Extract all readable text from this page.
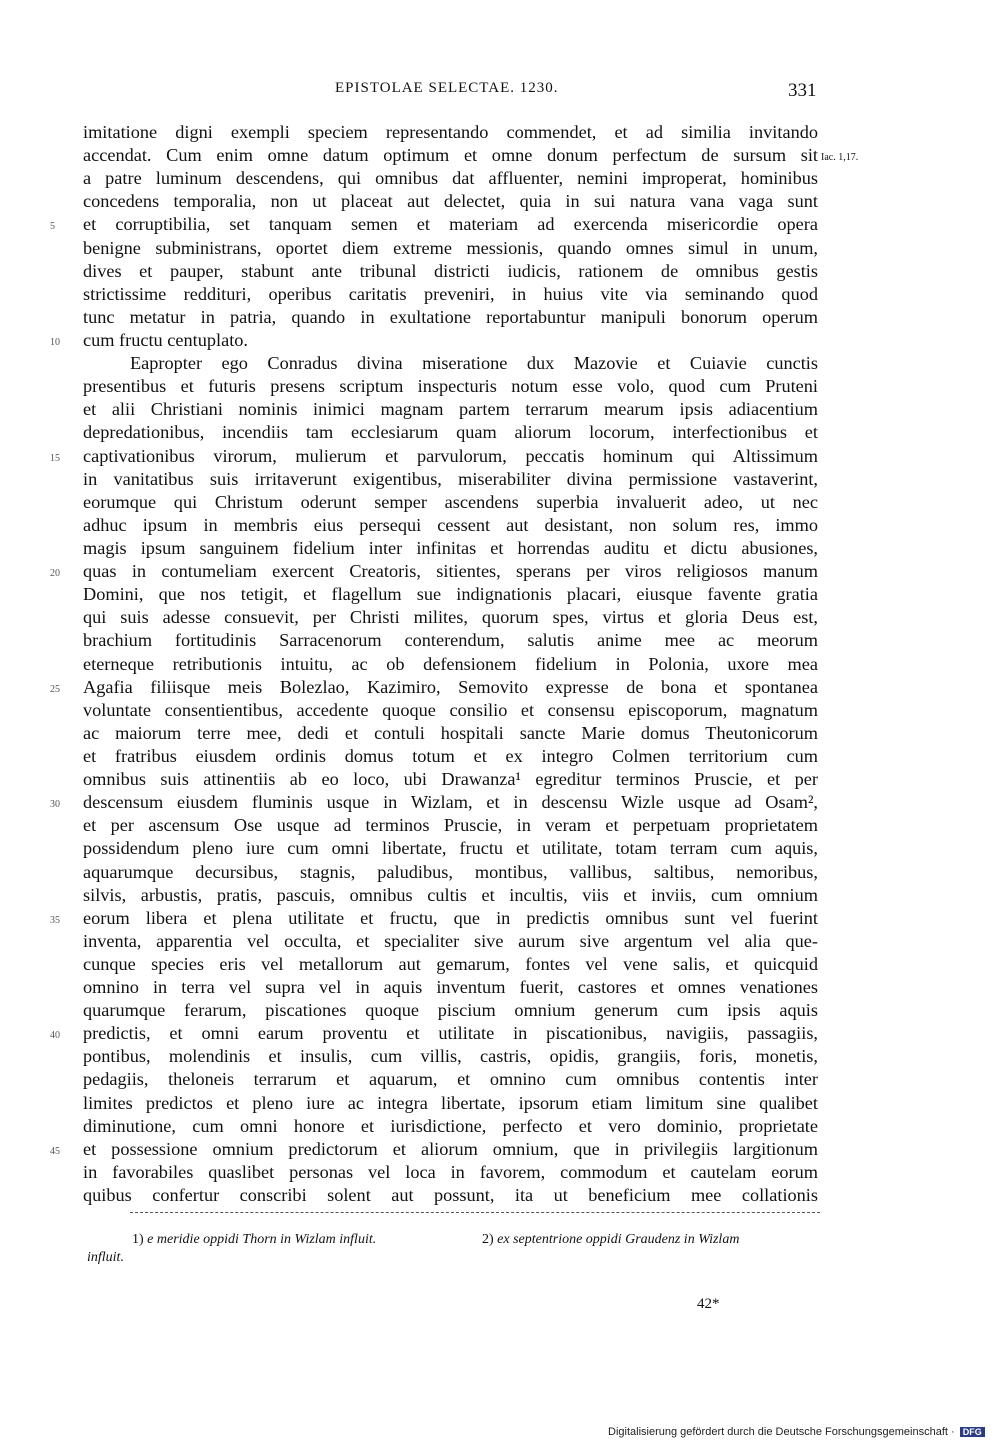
EPISTOLAE SELECTAE. 1230.	331
imitatione digni exempli speciem representando commendet, et ad similia invitando
accendat. Cum enim omne datum optimum et omne donum perfectum de sursum sit Iac. 1,17.
a patre luminum descendens, qui omnibus dat affluenter, nemini improperat, hominibus
concedens temporalia, non ut placeat aut delectet, quia in sui natura vana vaga sunt
et corruptibilia, set tanquam semen et materiam ad exercenda misericordie opera
5
benigne subministrans, oportet diem extreme messionis, quando omnes simul in unum,
dives et pauper, stabunt ante tribunal districti iudicis, rationem de omnibus gestis
strictissime reddituri, operibus caritatis preveniri, in huius vite via seminando quod
tunc metatur in patria, quando in exultatione reportabuntur manipuli bonorum operum
cum fructu centuplato.
10
Eapropter ego Conradus divina miseratione dux Mazovie et Cuiavie cunctis
presentibus et futuris presens scriptum inspecturis notum esse volo, quod cum Pruteni
et alii Christiani nominis inimici magnam partem terrarum mearum ipsis adiacentium
depredationibus, incendiis tam ecclesiarum quam aliorum locorum, interfectionibus et
captivationibus virorum, mulierum et parvulorum, peccatis hominum qui Altissimum
15
in vanitatibus suis irritaverunt exigentibus, miserabiliter divina permissione vastaverint,
eorumque qui Christum oderunt semper ascendens superbia invaluerit adeo, ut nec
adhuc ipsum in membris eius persequi cessent aut desistant, non solum res, immo
magis ipsum sanguinem fidelium inter infinitas et horrendas auditu et dictu abusiones,
quas in contumeliam exercent Creatoris, sitientes, sperans per viros religiosos manum
20
Domini, que nos tetigit, et flagellum sue indignationis placari, eiusque favente gratia
qui suis adesse consuevit, per Christi milites, quorum spes, virtus et gloria Deus est,
brachium fortitudinis Sarracenorum conterendum, salutis anime mee ac meorum
eterneque retributionis intuitu, ac ob defensionem fidelium in Polonia, uxore mea
Agafia filiisque meis Bolezlao, Kazimiro, Semovito expresse de bona et spontanea
25
voluntate consentientibus, accedente quoque consilio et consensu episcoporum, magnatum
ac maiorum terre mee, dedi et contuli hospitali sancte Marie domus Theutonicorum
et fratribus eiusdem ordinis domus totum et ex integro Colmen territorium cum
omnibus suis attinentiis ab eo loco, ubi Drawanza¹ egreditur terminos Pruscie, et per
descensum eiusdem fluminis usque in Wizlam, et in descensu Wizle usque ad Osam²,
30
et per ascensum Ose usque ad terminos Pruscie, in veram et perpetuam proprietatem
possidendum pleno iure cum omni libertate, fructu et utilitate, totam terram cum aquis,
aquarumque decursibus, stagnis, paludibus, montibus, vallibus, saltibus, nemoribus,
silvis, arbustis, pratis, pascuis, omnibus cultis et incultis, viis et inviis, cum omnium
eorum libera et plena utilitate et fructu, que in predictis omnibus sunt vel fuerint
35
inventa, apparentia vel occulta, et specialiter sive aurum sive argentum vel alia que-
cunque species eris vel metallorum aut gemarum, fontes vel vene salis, et quicquid
omnino in terra vel supra vel in aquis inventum fuerit, castores et omnes venationes
quarumque ferarum, piscationes quoque piscium omnium generum cum ipsis aquis
predictis, et omni earum proventu et utilitate in piscationibus, navigiis, passagiis,
40
pontibus, molendinis et insulis, cum villis, castris, opidis, grangiis, foris, monetis,
pedagiis, theloneis terrarum et aquarum, et omnino cum omnibus contentis inter
limites predictos et pleno iure ac integra libertate, ipsorum etiam limitum sine qualibet
diminutione, cum omni honore et iurisdictione, perfecto et vero dominio, proprietate
et possessione omnium predictorum et aliorum omnium, que in privilegiis largitionum
45
in favorabiles quaslibet personas vel loca in favorem, commodum et cautelam eorum
quibus confertur conscribi solent aut possunt, ita ut beneficium mee collationis
1) e meridie oppidi Thorn in Wizlam influit.	2) ex septentrione oppidi Graudenz in Wizlam
influit.
42*
Digitalisierung gefördert durch die Deutsche Forschungsgemeinschaft · DFG
